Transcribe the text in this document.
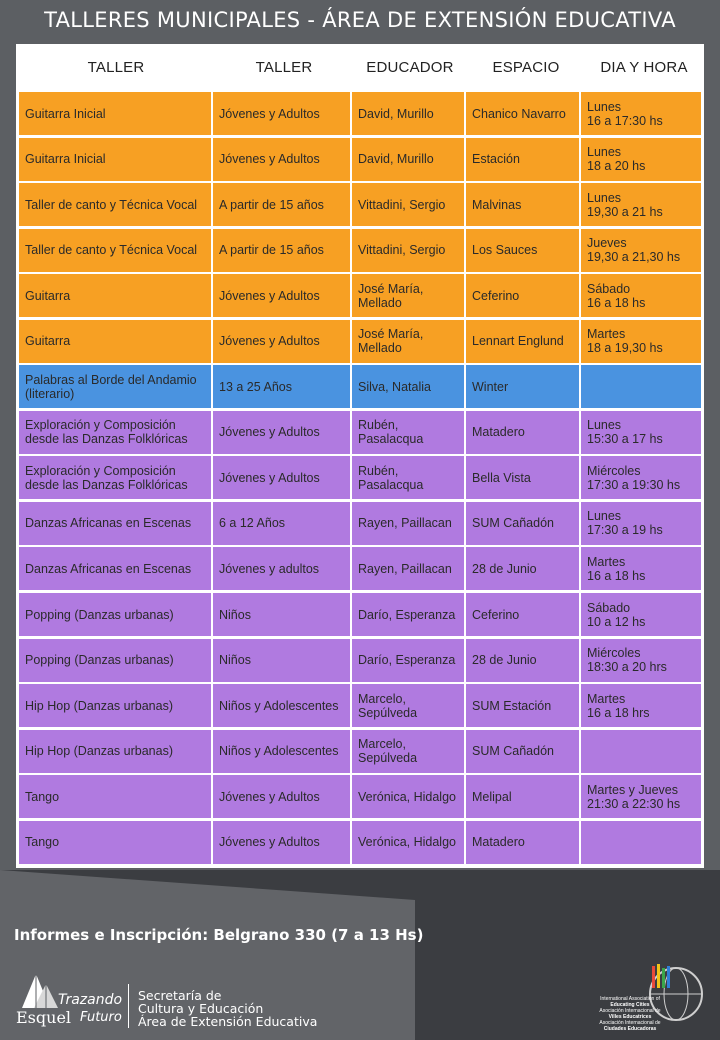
TALLERES MUNICIPALES - ÁREA DE EXTENSIÓN EDUCATIVA
TALLER	TALLER	EDUCADOR	ESPACIO	DIA Y HORA
Guitarra Inicial	Jóvenes y Adultos	David, Murillo	Chanico Navarro	Lunes
16 a 17:30 hs
Guitarra Inicial	Jóvenes y Adultos	David, Murillo	Estación	Lunes
18 a 20 hs
Taller de canto y Técnica Vocal	A partir de 15 años	Vittadini, Sergio	Malvinas	Lunes
19,30 a 21 hs
Taller de canto y Técnica Vocal	A partir de 15 años	Vittadini, Sergio	Los Sauces	Jueves
19,30 a 21,30 hs
Guitarra	Jóvenes y Adultos	José María, Mellado	Ceferino	Sábado
16 a 18 hs
Guitarra	Jóvenes y Adultos	José María, Mellado	Lennart Englund	Martes
18 a 19,30 hs
Palabras al Borde del Andamio (literario)	13 a 25 Años	Silva, Natalia	Winter
Exploración y Composición desde las Danzas Folklóricas	Jóvenes y Adultos	Rubén, Pasalacqua	Matadero	Lunes
15:30 a 17 hs
Exploración y Composición desde las Danzas Folklóricas	Jóvenes y Adultos	Rubén, Pasalacqua	Bella Vista	Miércoles
17:30 a 19:30 hs
Danzas Africanas en Escenas	6 a 12 Años	Rayen, Paillacan	SUM Cañadón	Lunes
17:30 a 19 hs
Danzas Africanas en Escenas	Jóvenes y adultos	Rayen, Paillacan	28 de Junio	Martes
16 a 18 hs
Popping (Danzas urbanas)	Niños	Darío, Esperanza	Ceferino	Sábado
10 a 12 hs
Popping (Danzas urbanas)	Niños	Darío, Esperanza	28 de Junio	Miércoles
18:30 a 20 hrs
Hip Hop (Danzas urbanas)	Niños y Adolescentes	Marcelo, Sepúlveda	SUM Estación	Martes
16 a 18 hrs
Hip Hop (Danzas urbanas)	Niños y Adolescentes	Marcelo, Sepúlveda	SUM Cañadón
Tango	Jóvenes y Adultos	Verónica, Hidalgo	Melipal	Martes y Jueves
21:30 a 22:30 hs
Tango	Jóvenes y Adultos	Verónica, Hidalgo	Matadero
Informes e Inscripción: Belgrano 330 (7 a 13 Hs)
Trazando
Esquel Futuro
Secretaría de
Cultura y Educación
Área de Extensión Educativa
International Association of
Educating Cities
Asociación Internacional de
Villes Educatrices
Asociación Internacional de
Ciudades Educadoras
